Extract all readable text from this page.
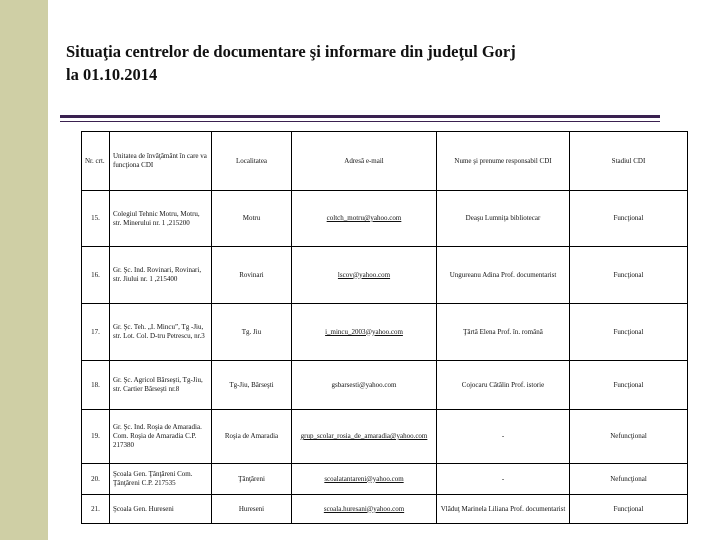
Situaţia centrelor de documentare şi informare din judeţul Gorj
la 01.10.2014
Nr. crt.	Unitatea de învăţământ în care va funcţiona CDI	Localitatea	Adresă e-mail	Nume şi prenume responsabil CDI	Stadiul CDI
15.	Colegiul Tehnic Motru, Motru, str. Minerului nr. 1 ,215200	Motru	coltch_motru@yahoo.com	Deaşu Lumniţa bibliotecar	Funcţional
16.	Gr. Şc. Ind. Rovinari, Rovinari, str. Jiului nr. 1 ,215400	Rovinari	lscov@yahoo.com	Ungureanu Adina Prof. documentarist	Funcţional
17.	Gr. Şc. Teh. „I. Mincu”, Tg -Jiu, str. Lot. Col. D-tru Petrescu, nr.3	Tg. Jiu	i_mincu_2003@yahoo.com	Ţârtă Elena Prof. în. română	Funcţional
18.	Gr. Şc. Agricol Bârseşti, Tg-Jiu, str. Cartier Bârseşti nr.8	Tg-Jiu, Bârseşti	gsbarsesti@yahoo.com	Cojocaru Cătălin Prof. istorie	Funcţional
19.	Gr. Şc. Ind. Roşia de Amaradia. Com. Roşia de Amaradia C.P. 217380	Roşia de Amaradia	grup_scolar_rosia_de_amaradia@yahoo.com	-	Nefuncţional
20.	Şcoala Gen. Ţânţăreni Com. Ţânţăreni C.P. 217535	Ţânţăreni	scoalatantareni@yahoo.com	-	Nefuncţional
21.	Şcoala Gen. Hureseni	Hureseni	scoala.huresani@yahoo.com	Vlăduţ Marinela Liliana Prof. documentarist	Funcţional
